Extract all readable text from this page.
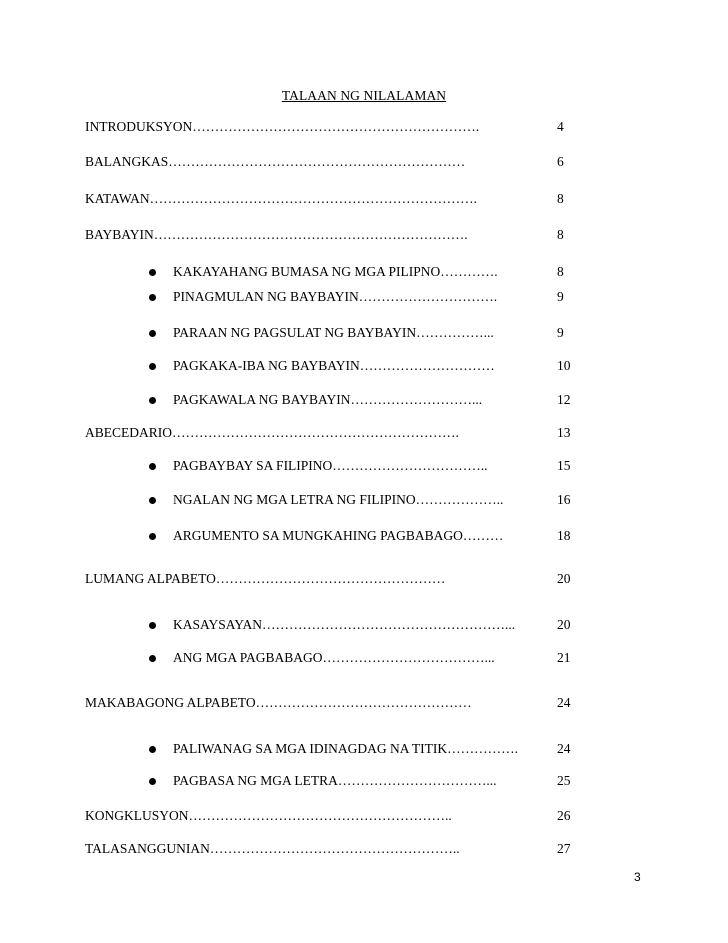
TALAAN NG NILALAMAN
INTRODUKSYON……………………………………………………….	4
BALANGKAS…………………………………………………………	6
KATAWAN……………………………………………………………….	8
BAYBAYIN…………………………………………………………….	8
KAKAYAHANG BUMASA NG MGA PILIPNO………….	8
PINAGMULAN NG BAYBAYIN………………………….	9
PARAAN NG PAGSULAT NG BAYBAYIN……………...	9
PAGKAKA-IBA NG BAYBAYIN…………………………	10
PAGKAWALA NG BAYBAYIN………………………...	12
ABECEDARIO……………………………………………………….	13
PAGBAYBAY SA FILIPINO……………………………..	15
NGALAN NG MGA LETRA NG FILIPINO………………..	16
ARGUMENTO SA MUNGKAHING PAGBABAGO………	18
LUMANG ALPABETO……………………………………………	20
KASAYSAYAN………………………………………………...	20
ANG MGA PAGBABAGO………………………………...	21
MAKABAGONG ALPABETO…………………………………………	24
PALIWANAG SA MGA IDINAGDAG NA TITIK…………….	24
PAGBASA NG MGA LETRA……………………………...	25
KONGKLUSYON…………………………………………………..	26
TALASANGGUNIAN………………………………………………..	27
3
